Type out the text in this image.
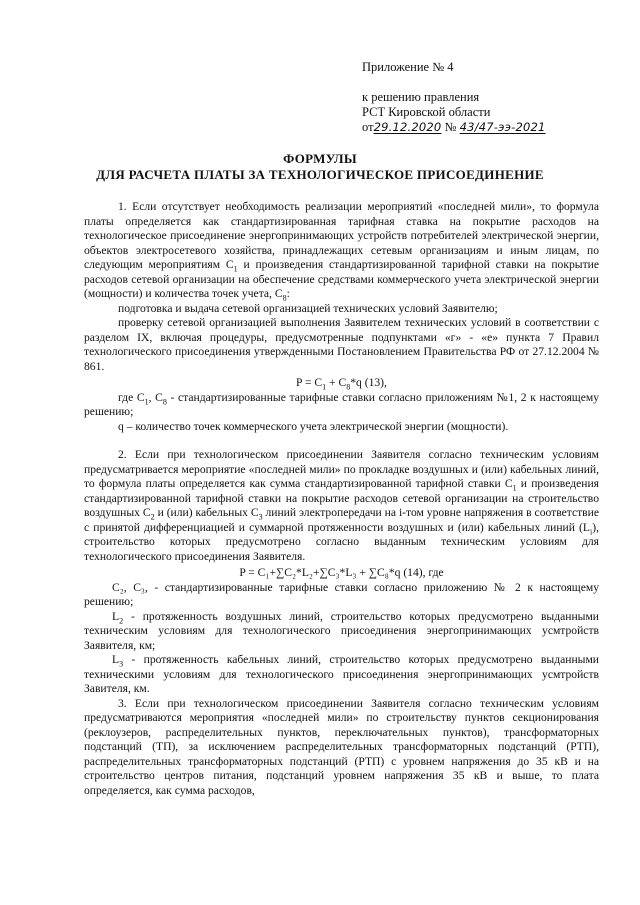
Приложение № 4
к решению правления
РСТ Кировской области
от29.12.2020 № 43/47-ээ-2021
ФОРМУЛЫ
ДЛЯ РАСЧЕТА ПЛАТЫ ЗА ТЕХНОЛОГИЧЕСКОЕ ПРИСОЕДИНЕНИЕ

1. Если отсутствует необходимость реализации мероприятий «последней мили», то формула платы определяется как стандартизированная тарифная ставка на покрытие расходов на технологическое присоединение энергопринимающих устройств потребителей электрической энергии, объектов электросетевого хозяйства, принадлежащих сетевым организациям и иным лицам, по следующим мероприятиям $C_1$ и произведения стандартизированной тарифной ставки на покрытие расходов сетевой организации на обеспечение средствами коммерческого учета электрической энергии (мощности) и количества точек учета, $C_8$:

подготовка и выдача сетевой организацией технических условий Заявителю;

проверку сетевой организацией выполнения Заявителем технических условий в соответствии с разделом IX, включая процедуры, предусмотренные подпунктами «г» - «е» пункта 7 Правил технологического присоединения утвержденными Постановлением Правительства РФ от 27.12.2004 № 861.

$P = C_1 + C_8*q$ (13),

где $C_1$, $C_8$ - стандартизированные тарифные ставки согласно приложениям №1, 2 к настоящему решению;

q – количество точек коммерческого учета электрической энергии (мощности).

2. Если при технологическом присоединении Заявителя согласно техническим условиям предусматривается мероприятие «последней мили» по прокладке воздушных и (или) кабельных линий, то формула платы определяется как сумма стандартизированной тарифной ставки $C_1$ и произведения стандартизированной тарифной ставки на покрытие расходов сетевой организации на строительство воздушных $C_2$ и (или) кабельных $C_3$ линий электропередачи на i-том уровне напряжения в соответствие с принятой дифференциацией и суммарной протяженности воздушных и (или) кабельных линий $(L_i)$, строительство которых предусмотрено согласно выданным техническим условиям для технологического присоединения Заявителя.

P = C₁+∑C₂*L₂+∑C₃*L₃ + ∑C₈*q (14), где

C₂, C₃, - стандартизированные тарифные ставки согласно приложению № 2 к настоящему решению;

$L_2$ - протяженность воздушных линий, строительство которых предусмотрено выданными техническим условиям для технологического присоединения энергопринимающих усмтройств Заявителя, км;

$L_3$ - протяженность кабельных линий, строительство которых предусмотрено выданными техническими условиям для технологического присоединения энергопринимающих усмтройств Завителя, км.

3. Если при технологическом присоединении Заявителя согласно техническим условиям предусматриваются мероприятия «последней мили» по строительству пунктов секционирования (реклоузеров, распределительных пунктов, переключательных пунктов), трансформаторных подстанций (ТП), за исключением распределительных трансформаторных подстанций (РТП), распределительных трансформаторных подстанций (РТП) с уровнем напряжения до 35 кВ и на строительство центров питания, подстанций уровнем напряжения 35 кВ и выше, то плата определяется, как сумма расходов,
